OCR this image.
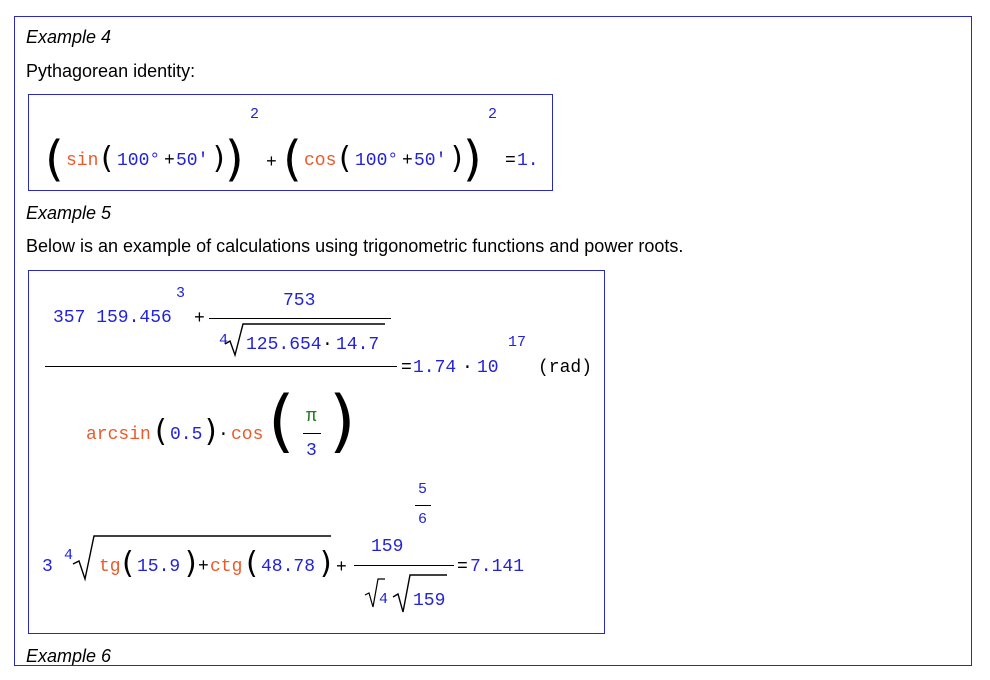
Example 4
Pythagorean identity:
( sin ( 100° + 50' ) )
2
+ ( cos ( 100° + 50' ) )
2
= 1.
Example 5
Below is an example of calculations using trigonometric functions and power roots.
357 159.456
3
+
753
4 125.654 · 14.7
arcsin ( 0.5 ) · cos ( π
3 )
= 1.74 · 10
17
(rad)
3
4
tg ( 15.9 ) + ctg ( 48.78 ) +
5
6
159
4 159
= 7.141
Example 6
